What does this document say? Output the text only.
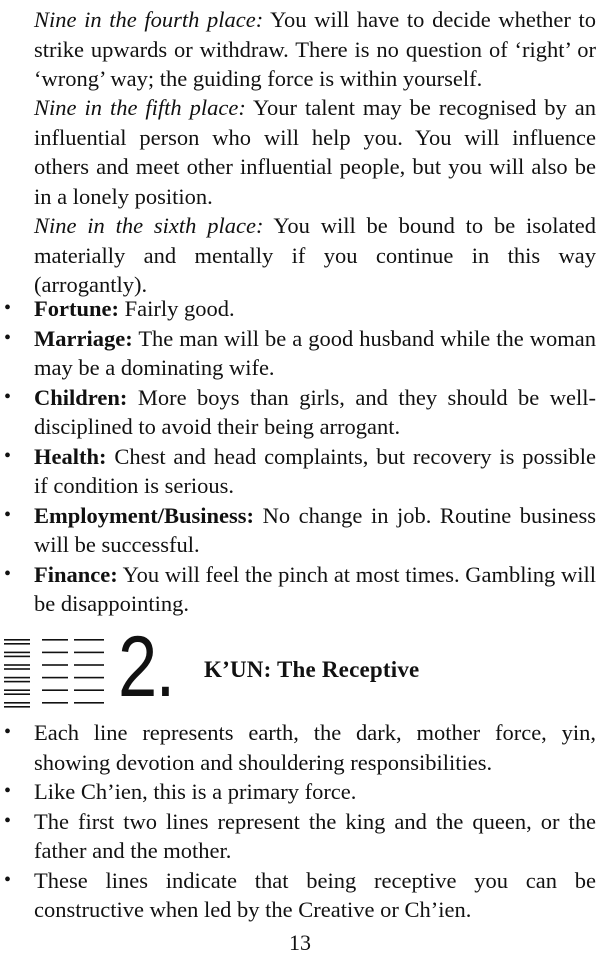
Nine in the fourth place: You will have to decide whether to strike upwards or withdraw. There is no question of ‘right’ or ‘wrong’ way; the guiding force is within yourself.

Nine in the fifth place: Your talent may be recognised by an influential person who will help you. You will influence others and meet other influential people, but you will also be in a lonely position.

Nine in the sixth place: You will be bound to be isolated materially and mentally if you continue in this way (arrogantly).

• Fortune: Fairly good.
• Marriage: The man will be a good husband while the woman may be a dominating wife.
• Children: More boys than girls, and they should be well-disciplined to avoid their being arrogant.
• Health: Chest and head complaints, but recovery is possible if condition is serious.
• Employment/Business: No change in job. Routine business will be successful.
• Finance: You will feel the pinch at most times. Gambling will be disappointing.
2. K’UN: The Receptive
• Each line represents earth, the dark, mother force, yin, showing devotion and shouldering responsibilities.
• Like Ch’ien, this is a primary force.
• The first two lines represent the king and the queen, or the father and the mother.
• These lines indicate that being receptive you can be constructive when led by the Creative or Ch’ien.
13
